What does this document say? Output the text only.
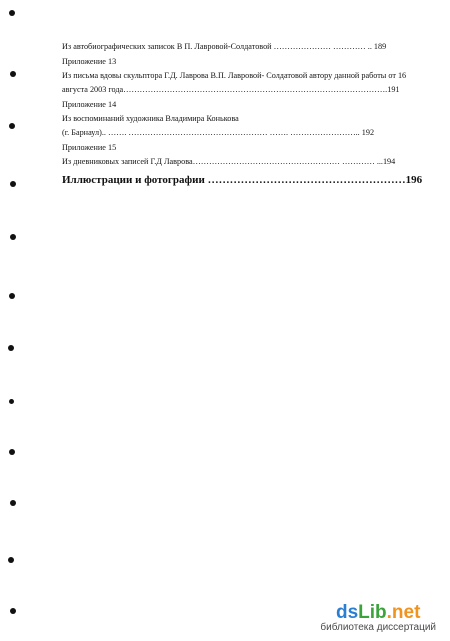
Из автобиографических записок В П. Лавровой-Солдатовой ………………… ………… .. 189
Приложение 13
Из письма вдовы скульптора Г.Д. Лаврова В.П. Лавровой- Солдатовой автору данной работы от 16
августа 2003 года…………………………………………………………………………………….191
Приложение 14
Из воспоминаний художника Владимира Конькова
(г. Барнаул).. ……. …………………………………………… ……. …………………….. 192
Приложение 15
Из дневниковых записей Г.Д Лаврова……………………………………………… ………… ...194
Иллюстрации и фотографии ………………………………………………196
dsLib.net
библиотека диссертаций
